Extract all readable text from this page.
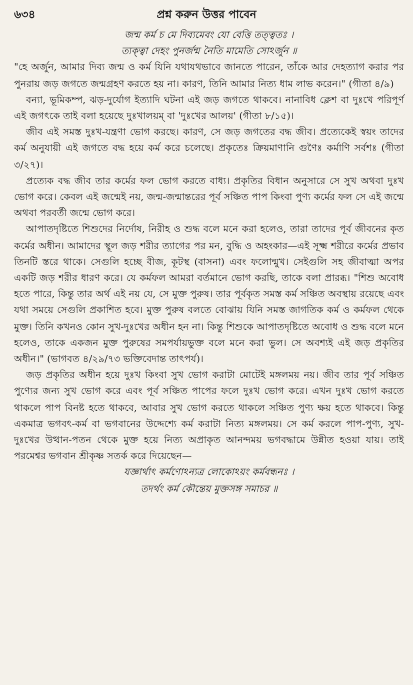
৬৩৪	প্রশ্ন করুন উত্তর পাবেন

জন্ম কর্ম চ মে দিব্যমেবং যো বেত্তি তত্ত্বতঃ ।

ত্যক্ত্বা দেহং পুনর্জন্ম নৈতি মামেতি সোঽর্জুন ॥

"হে অর্জুন, আমার দিব্য জন্ম ও কর্ম যিনি যথাযথভাবে জানতে পারেন, তাঁকে আর দেহত্যাগ করার পর পুনরায় জড় জগতে জন্মগ্রহণ করতে হয় না। কারণ, তিনি আমার নিত্য ধাম লাভ করেন।" (গীতা ৪/৯)

বন্যা, ভূমিকম্প, ঝড়-দুর্যোগ ইত্যাদি ঘটনা এই জড় জগতে থাকবে। নানাবিধ ক্লেশ বা দুঃখে পরিপূর্ণ এই জগৎকে তাই বলা হয়েছে দুঃখালয়ম্ বা 'দুঃখের আলয়' (গীতা ৮/১৫)।

জীব এই সমস্ত দুঃখ-যন্ত্রণা ভোগ করছে। কারণ, সে জড় জগতের বদ্ধ জীব। প্রত্যেকেই স্বয়ং তাদের কর্ম অনুযায়ী এই জগতে বদ্ধ হয়ে কর্ম করে চলেছে। প্রকৃতেঃ ক্রিয়মাণানি গুণৈঃ কর্মাণি সর্বশঃ (গীতা ৩/২৭)।

প্রত্যেক বদ্ধ জীব তার কর্মের ফল ভোগ করতে বাধ্য। প্রকৃতির বিধান অনুসারে সে সুখ অথবা দুঃখ ভোগ করে। কেবল এই জন্মেই নয়, জন্ম-জন্মান্তরের পূর্ব সঞ্চিত পাপ কিংবা পুণ্য কর্মের ফল সে এই জন্মে অথবা পরবর্তী জন্মে ভোগ করে।

আপাতদৃষ্টিতে শিশুদের নির্দোষ, নিরীহ ও শুদ্ধ বলে মনে করা হলেও, তারা তাদের পূর্ব জীবনের কৃত কর্মের অধীন। আমাদের স্থূল জড় শরীর ত্যাগের পর মন, বুদ্ধি ও অহংকার—এই সূক্ষ্ম শরীরে কর্মের প্রভাব তিনটি স্তরে থাকে। সেগুলি হচ্ছে বীজ, কূটস্থ (বাসনা) এবং ফলোন্মুখ। সেইগুলি সহ জীবাত্মা অপর একটি জড় শরীর ধারণ করে। যে কর্মফল আমরা বর্তমানে ভোগ করছি, তাকে বলা প্রারব্ধ। "শিশু অবোধ হতে পারে, কিন্তু তার অর্থ এই নয় যে, সে মুক্ত পুরুষ। তার পূর্বকৃত সমস্ত কর্ম সঞ্চিত অবস্থায় রয়েছে এবং যথা সময়ে সেগুলি প্রকাশিত হবে। মুক্ত পুরুষ বলতে বোঝায় যিনি সমস্ত জাগতিক কর্ম ও কর্মফল থেকে মুক্ত। তিনি কখনও কোন সুখ-দুঃখের অধীন হন না। কিন্তু শিশুকে আপাতদৃষ্টিতে অবোধ ও শুদ্ধ বলে মনে হলেও, তাকে একজন মুক্ত পুরুষের সমপর্যায়ভুক্ত বলে মনে করা ভুল। সে অবশ্যই এই জড় প্রকৃতির অধীন।" (ভাগবত ৪/২৯/৭৩ ভক্তিবেদান্ত তাৎপর্য)।

জড় প্রকৃতির অধীন হয়ে দুঃখ কিংবা সুখ ভোগ করাটা মোটেই মঙ্গলময় নয়। জীব তার পূর্ব সঞ্চিত পুণ্যের জন্য সুখ ভোগ করে এবং পূর্ব সঞ্চিত পাপের ফলে দুঃখ ভোগ করে। এখন দুঃখ ভোগ করতে থাকলে পাপ বিনষ্ট হতে থাকবে, আবার সুখ ভোগ করতে থাকলে সঞ্চিত পুণ্য ক্ষয় হতে থাকবে। কিন্তু একমাত্র ভগবৎ-কর্ম বা ভগবানের উদ্দেশ্যে কর্ম করাটা নিত্য মঙ্গলময়। সে কর্ম করলে পাপ-পুণ্য, সুখ-দুঃখের উত্থান-পতন থেকে মুক্ত হয়ে নিত্য অপ্রাকৃত আনন্দময় ভগবদ্ধামে উন্নীত হওয়া যায়। তাই পরমেশ্বর ভগবান শ্রীকৃষ্ণ সতর্ক করে দিয়েছেন—

যজ্ঞার্থাৎ কর্মণোঽন্যত্র লোকোঽয়ং কর্মবন্ধনঃ ।

তদর্থং কর্ম কৌন্তেয় মুক্তসঙ্গ সমাচর ॥
